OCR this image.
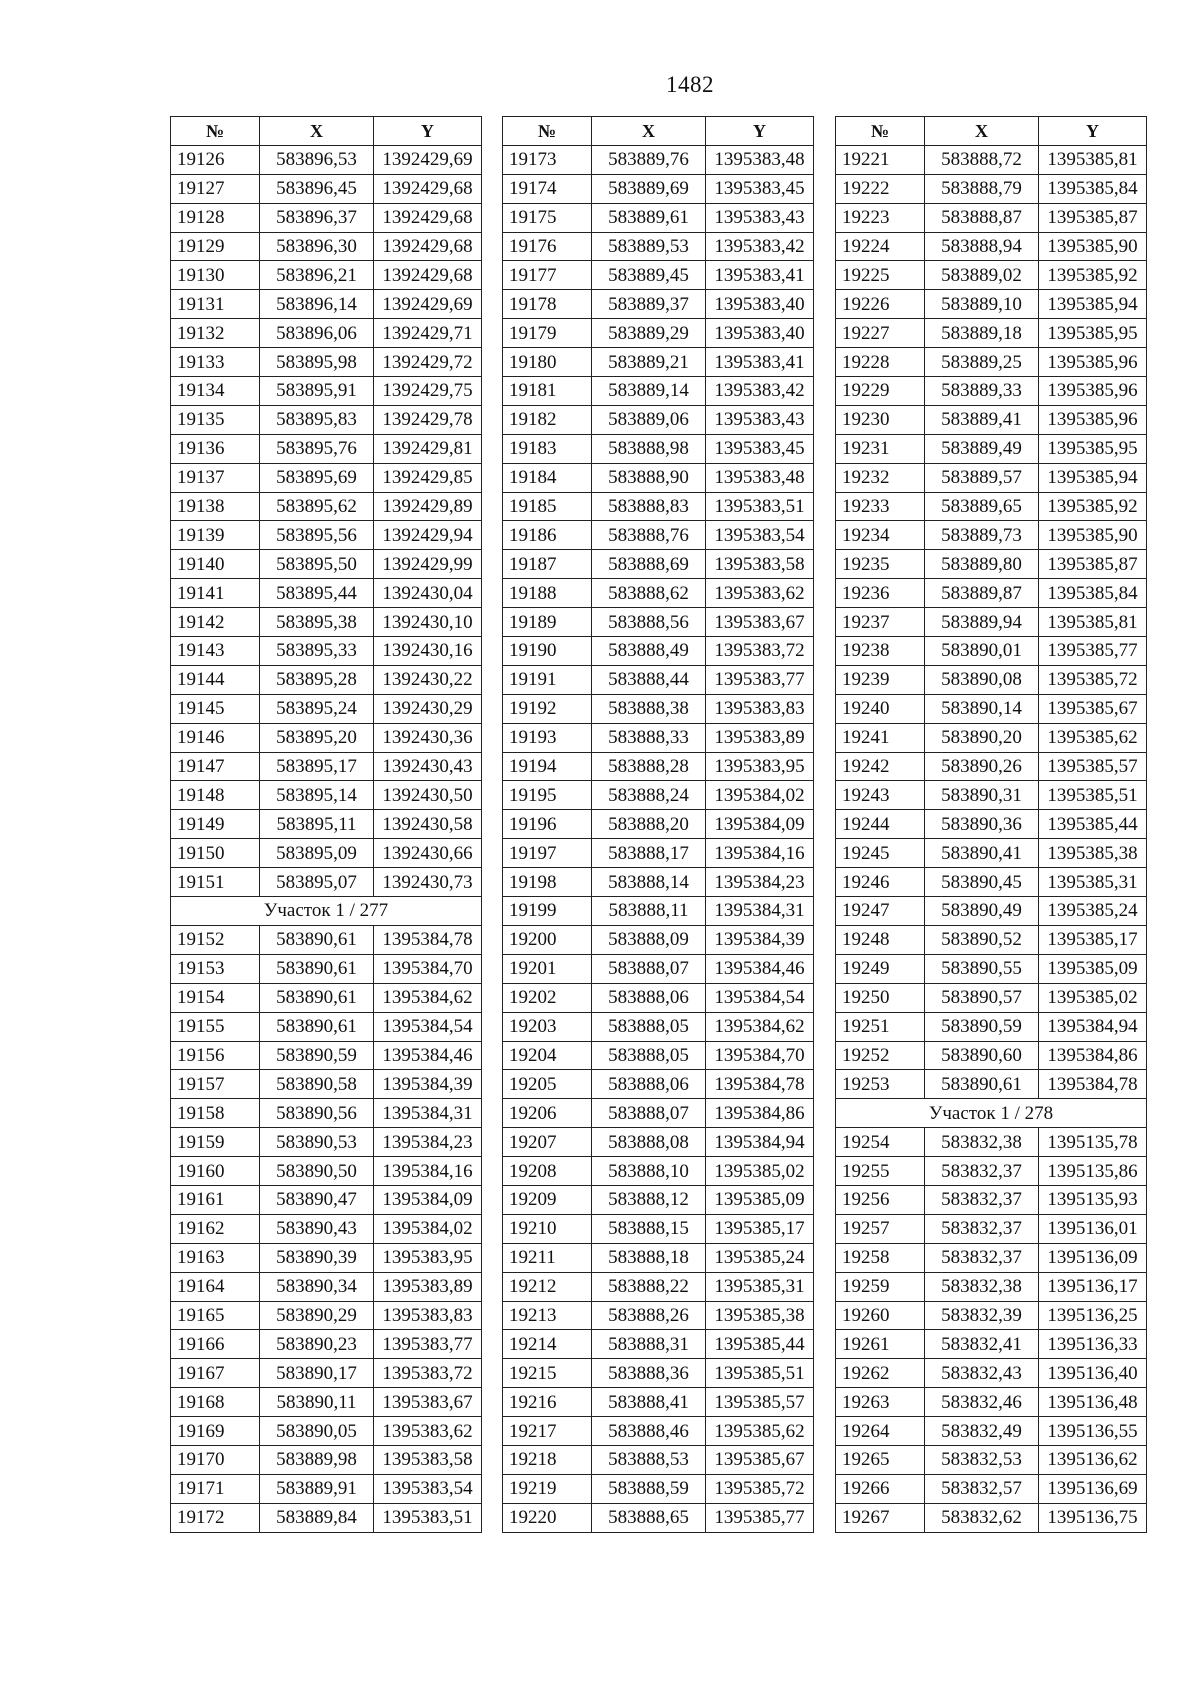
1482
№	X	Y
19126	583896,53	1392429,69
19127	583896,45	1392429,68
19128	583896,37	1392429,68
19129	583896,30	1392429,68
19130	583896,21	1392429,68
19131	583896,14	1392429,69
19132	583896,06	1392429,71
19133	583895,98	1392429,72
19134	583895,91	1392429,75
19135	583895,83	1392429,78
19136	583895,76	1392429,81
19137	583895,69	1392429,85
19138	583895,62	1392429,89
19139	583895,56	1392429,94
19140	583895,50	1392429,99
19141	583895,44	1392430,04
19142	583895,38	1392430,10
19143	583895,33	1392430,16
19144	583895,28	1392430,22
19145	583895,24	1392430,29
19146	583895,20	1392430,36
19147	583895,17	1392430,43
19148	583895,14	1392430,50
19149	583895,11	1392430,58
19150	583895,09	1392430,66
19151	583895,07	1392430,73
Участок 1 / 277		
19152	583890,61	1395384,78
19153	583890,61	1395384,70
19154	583890,61	1395384,62
19155	583890,61	1395384,54
19156	583890,59	1395384,46
19157	583890,58	1395384,39
19158	583890,56	1395384,31
19159	583890,53	1395384,23
19160	583890,50	1395384,16
19161	583890,47	1395384,09
19162	583890,43	1395384,02
19163	583890,39	1395383,95
19164	583890,34	1395383,89
19165	583890,29	1395383,83
19166	583890,23	1395383,77
19167	583890,17	1395383,72
19168	583890,11	1395383,67
19169	583890,05	1395383,62
19170	583889,98	1395383,58
19171	583889,91	1395383,54
19172	583889,84	1395383,51
№	X	Y
19173	583889,76	1395383,48
19174	583889,69	1395383,45
19175	583889,61	1395383,43
19176	583889,53	1395383,42
19177	583889,45	1395383,41
19178	583889,37	1395383,40
19179	583889,29	1395383,40
19180	583889,21	1395383,41
19181	583889,14	1395383,42
19182	583889,06	1395383,43
19183	583888,98	1395383,45
19184	583888,90	1395383,48
19185	583888,83	1395383,51
19186	583888,76	1395383,54
19187	583888,69	1395383,58
19188	583888,62	1395383,62
19189	583888,56	1395383,67
19190	583888,49	1395383,72
19191	583888,44	1395383,77
19192	583888,38	1395383,83
19193	583888,33	1395383,89
19194	583888,28	1395383,95
19195	583888,24	1395384,02
19196	583888,20	1395384,09
19197	583888,17	1395384,16
19198	583888,14	1395384,23
19199	583888,11	1395384,31
19200	583888,09	1395384,39
19201	583888,07	1395384,46
19202	583888,06	1395384,54
19203	583888,05	1395384,62
19204	583888,05	1395384,70
19205	583888,06	1395384,78
19206	583888,07	1395384,86
19207	583888,08	1395384,94
19208	583888,10	1395385,02
19209	583888,12	1395385,09
19210	583888,15	1395385,17
19211	583888,18	1395385,24
19212	583888,22	1395385,31
19213	583888,26	1395385,38
19214	583888,31	1395385,44
19215	583888,36	1395385,51
19216	583888,41	1395385,57
19217	583888,46	1395385,62
19218	583888,53	1395385,67
19219	583888,59	1395385,72
19220	583888,65	1395385,77
№	X	Y
19221	583888,72	1395385,81
19222	583888,79	1395385,84
19223	583888,87	1395385,87
19224	583888,94	1395385,90
19225	583889,02	1395385,92
19226	583889,10	1395385,94
19227	583889,18	1395385,95
19228	583889,25	1395385,96
19229	583889,33	1395385,96
19230	583889,41	1395385,96
19231	583889,49	1395385,95
19232	583889,57	1395385,94
19233	583889,65	1395385,92
19234	583889,73	1395385,90
19235	583889,80	1395385,87
19236	583889,87	1395385,84
19237	583889,94	1395385,81
19238	583890,01	1395385,77
19239	583890,08	1395385,72
19240	583890,14	1395385,67
19241	583890,20	1395385,62
19242	583890,26	1395385,57
19243	583890,31	1395385,51
19244	583890,36	1395385,44
19245	583890,41	1395385,38
19246	583890,45	1395385,31
19247	583890,49	1395385,24
19248	583890,52	1395385,17
19249	583890,55	1395385,09
19250	583890,57	1395385,02
19251	583890,59	1395384,94
19252	583890,60	1395384,86
19253	583890,61	1395384,78
Участок 1 / 278		
19254	583832,38	1395135,78
19255	583832,37	1395135,86
19256	583832,37	1395135,93
19257	583832,37	1395136,01
19258	583832,37	1395136,09
19259	583832,38	1395136,17
19260	583832,39	1395136,25
19261	583832,41	1395136,33
19262	583832,43	1395136,40
19263	583832,46	1395136,48
19264	583832,49	1395136,55
19265	583832,53	1395136,62
19266	583832,57	1395136,69
19267	583832,62	1395136,75
